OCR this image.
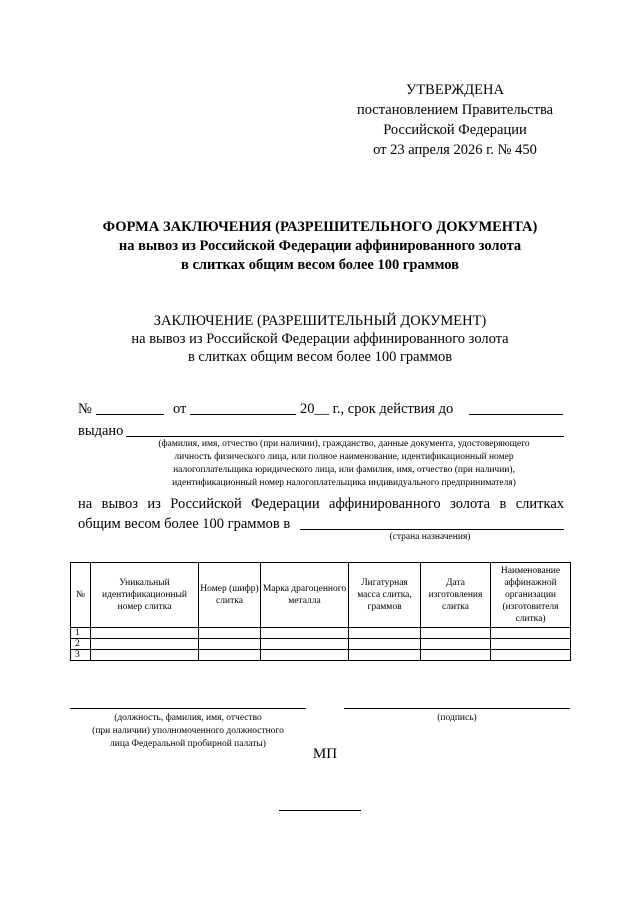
УТВЕРЖДЕНА
постановлением Правительства
Российской Федерации
от 23 апреля 2026 г. № 450
ФОРМА ЗАКЛЮЧЕНИЯ (РАЗРЕШИТЕЛЬНОГО ДОКУМЕНТА)
на вывоз из Российской Федерации аффинированного золота
в слитках общим весом более 100 граммов
ЗАКЛЮЧЕНИЕ (РАЗРЕШИТЕЛЬНЫЙ ДОКУМЕНТ)
на вывоз из Российской Федерации аффинированного золота
в слитках общим весом более 100 граммов
№	от	20__ г., срок действия до
выдано
(фамилия, имя, отчество (при наличии), гражданство, данные документа, удостоверяющего
личность физического лица, или полное наименование, идентификационный номер
налогоплательщика юридического лица, или фамилия, имя, отчество (при наличии),
идентификационный номер налогоплательщика индивидуального предпринимателя)
на вывоз из Российской Федерации аффинированного золота в слитках
общим весом более 100 граммов в
(страна назначения)
№	Уникальный идентификационный номер слитка	Номер (шифр) слитка	Марка драгоценного металла	Лигатурная масса слитка, граммов	Дата изготовления слитка	Наименование аффинажной организации (изготовителя слитка)
1						
2						
3						
(должность, фамилия, имя, отчество
(при наличии) уполномоченного должностного
лица Федеральной пробирной палаты)
(подпись)
МП
